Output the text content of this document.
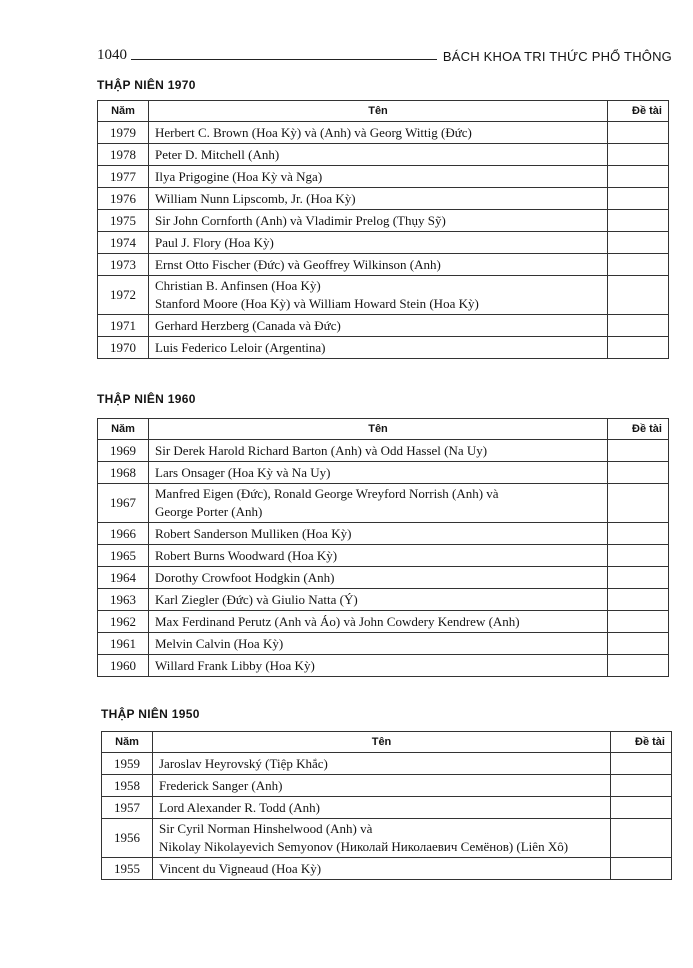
1040	BÁCH KHOA TRI THỨC PHỔ THÔNG
THẬP NIÊN 1970
Năm	Tên	Đề tài
1979	Herbert C. Brown (Hoa Kỳ) và (Anh) và Georg Wittig (Đức)	

1978	Peter D. Mitchell (Anh)	

1977	Ilya Prigogine (Hoa Kỳ và Nga)	

1976	William Nunn Lipscomb, Jr. (Hoa Kỳ)	

1975	Sir John Cornforth (Anh) và Vladimir Prelog (Thụy Sỹ)	

1974	Paul J. Flory (Hoa Kỳ)	

1973	Ernst Otto Fischer (Đức) và Geoffrey Wilkinson (Anh)	

1972	Christian B. Anfinsen (Hoa Kỳ)
Stanford Moore (Hoa Kỳ) và William Howard Stein (Hoa Kỳ)	

1971	Gerhard Herzberg (Canada và Đức)	

1970	Luis Federico Leloir (Argentina)	

THẬP NIÊN 1960
Năm	Tên	Đề tài
1969	Sir Derek Harold Richard Barton (Anh) và Odd Hassel (Na Uy)	

1968	Lars Onsager (Hoa Kỳ và Na Uy)	

1967	Manfred Eigen (Đức), Ronald George Wreyford Norrish (Anh) và
George Porter (Anh)	

1966	Robert Sanderson Mulliken (Hoa Kỳ)	

1965	Robert Burns Woodward (Hoa Kỳ)	

1964	Dorothy Crowfoot Hodgkin (Anh)	

1963	Karl Ziegler (Đức) và Giulio Natta (Ý)	

1962	Max Ferdinand Perutz (Anh và Áo) và John Cowdery Kendrew (Anh)	

1961	Melvin Calvin (Hoa Kỳ)	

1960	Willard Frank Libby (Hoa Kỳ)	

THẬP NIÊN 1950
Năm	Tên	Đề tài
1959	Jaroslav Heyrovský (Tiệp Khắc)	

1958	Frederick Sanger (Anh)	

1957	Lord Alexander R. Todd (Anh)	

1956	Sir Cyril Norman Hinshelwood (Anh) và
Nikolay Nikolayevich Semyonov (Николай Николаевич Семёнов) (Liên Xô)	

1955	Vincent du Vigneaud (Hoa Kỳ)	
